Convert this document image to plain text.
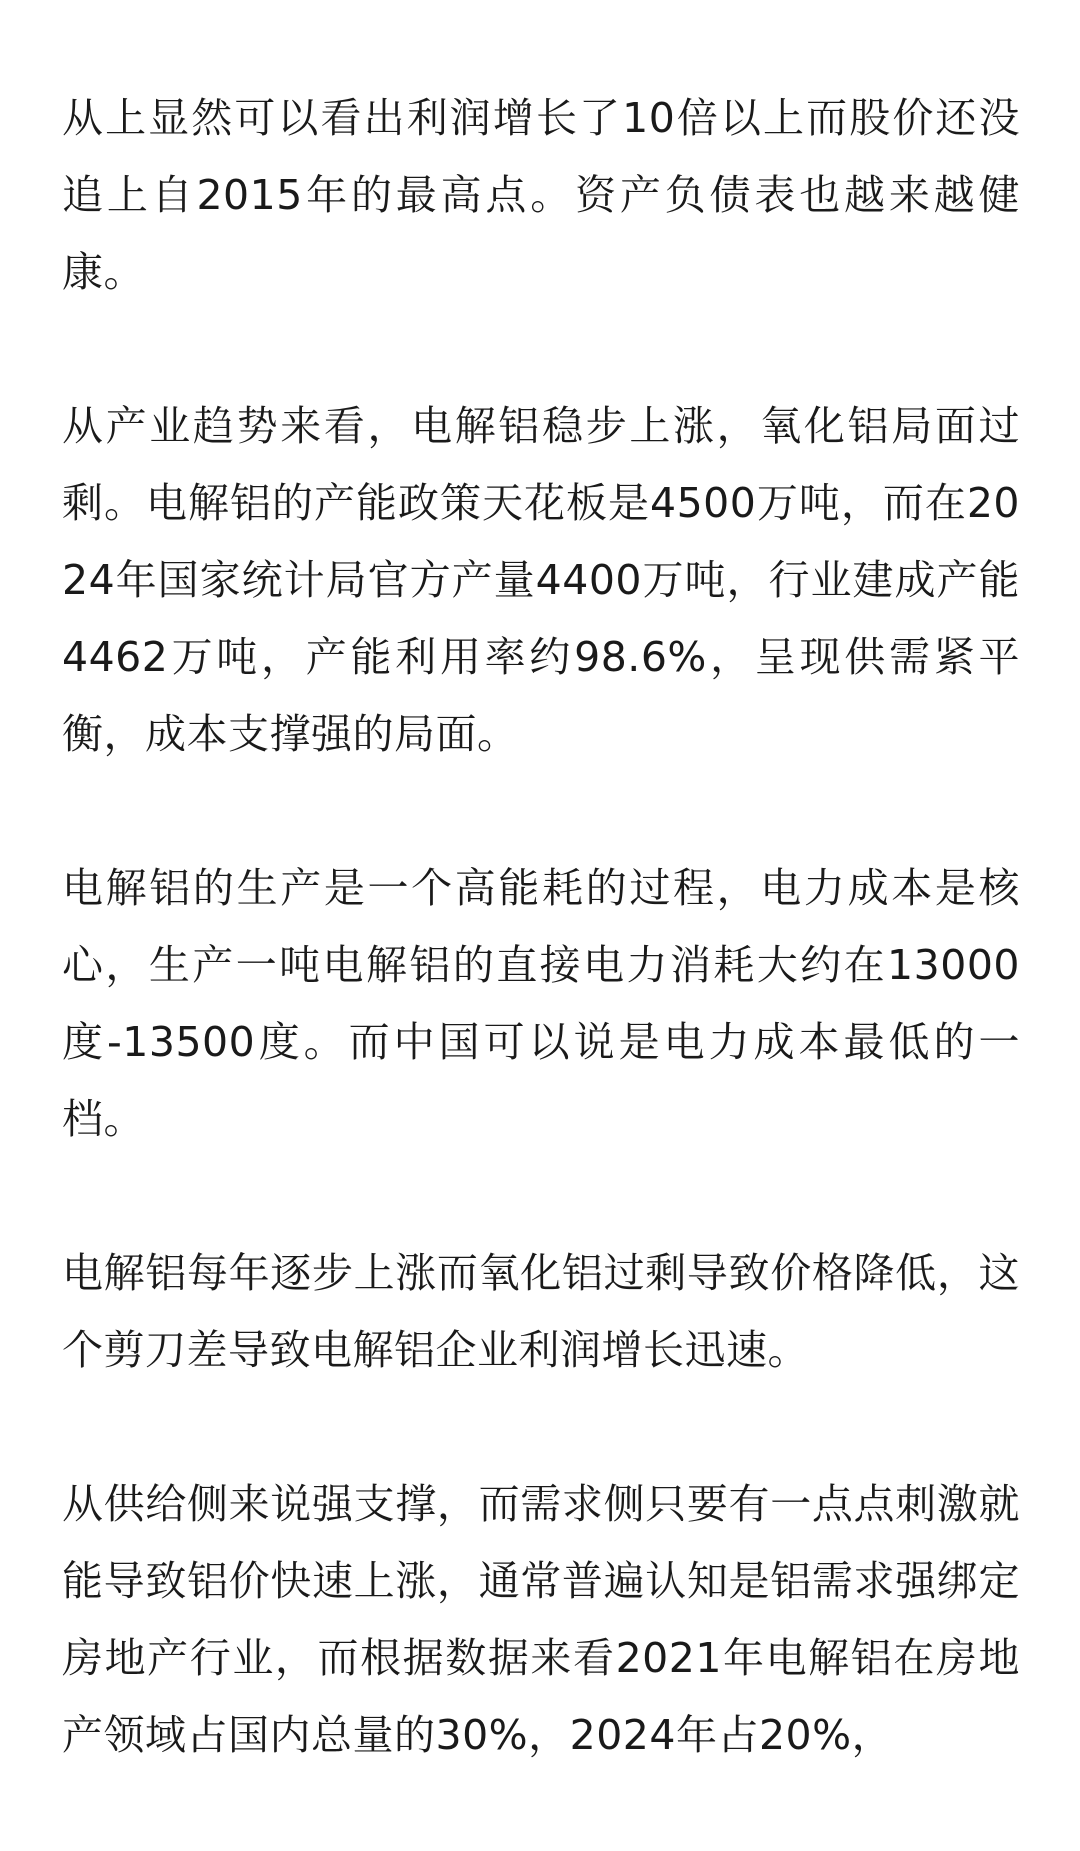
从上显然可以看出利润增长了10倍以上而股价还没追上自2015年的最高点。资产负债表也越来越健康。

从产业趋势来看，电解铝稳步上涨，氧化铝局面过剩。电解铝的产能政策天花板是4500万吨，而在2024年国家统计局官方产量4400万吨，行业建成产能4462万吨，产能利用率约98.6%，呈现供需紧平衡，成本支撑强的局面。

电解铝的生产是一个高能耗的过程，电力成本是核心，生产一吨电解铝的直接电力消耗大约在13000度-13500度。而中国可以说是电力成本最低的一档。

电解铝每年逐步上涨而氧化铝过剩导致价格降低，这个剪刀差导致电解铝企业利润增长迅速。

从供给侧来说强支撑，而需求侧只要有一点点刺激就能导致铝价快速上涨，通常普遍认知是铝需求强绑定房地产行业，而根据数据来看2021年电解铝在房地产领域占国内总量的30%，2024年占20%，
